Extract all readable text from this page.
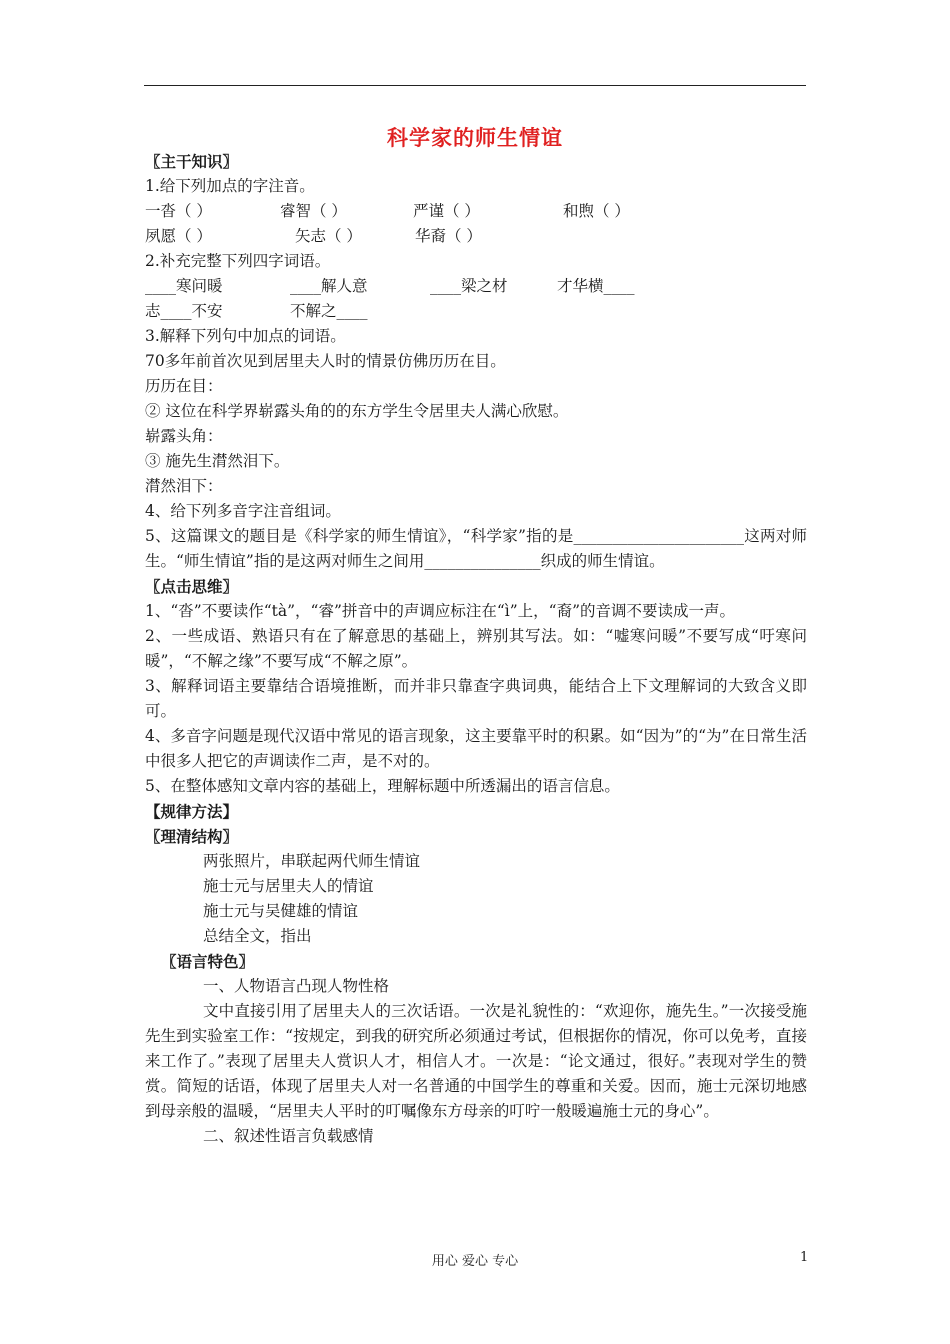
科学家的师生情谊
〖主干知识〗
1.给下列加点的字注音。
一沓（ ）	睿智（ ）	严谨（ ）	和煦（ ）
夙愿（ ）	矢志（ ）	华裔（ ）
2.补充完整下列四字词语。
____寒问暖	____解人意	____梁之材	才华横____
志____不安	不解之____
3.解释下列句中加点的词语。
70多年前首次见到居里夫人时的情景仿佛历历在目。
历历在目：
② 这位在科学界崭露头角的的东方学生令居里夫人满心欣慰。
崭露头角：
③ 施先生潸然泪下。
潸然泪下：
4、给下列多音字注音组词。
5、这篇课文的题目是《科学家的师生情谊》，“科学家”指的是______________________这两对师生。“师生情谊”指的是这两对师生之间用_______________织成的师生情谊。
〖点击思维〗
1、“沓”不要读作“tà”，“睿”拼音中的声调应标注在“ì”上，“裔”的音调不要读成一声。
2、一些成语、熟语只有在了解意思的基础上，辨别其写法。如：“嘘寒问暖”不要写成“吁寒问暖”，“不解之缘”不要写成“不解之原”。
3、解释词语主要靠结合语境推断，而并非只靠查字典词典，能结合上下文理解词的大致含义即可。
4、多音字问题是现代汉语中常见的语言现象，这主要靠平时的积累。如“因为”的“为”在日常生活中很多人把它的声调读作二声，是不对的。
5、在整体感知文章内容的基础上，理解标题中所透漏出的语言信息。
【规律方法】
〖理清结构〗
两张照片，串联起两代师生情谊
施士元与居里夫人的情谊
施士元与吴健雄的情谊
总结全文，指出
〖语言特色〗
一、人物语言凸现人物性格
文中直接引用了居里夫人的三次话语。一次是礼貌性的：“欢迎你，施先生。”一次接受施先生到实验室工作：“按规定，到我的研究所必须通过考试，但根据你的情况，你可以免考，直接来工作了。”表现了居里夫人赏识人才，相信人才。一次是：“论文通过，很好。”表现对学生的赞赏。简短的话语，体现了居里夫人对一名普通的中国学生的尊重和关爱。因而，施士元深切地感到母亲般的温暖，“居里夫人平时的叮嘱像东方母亲的叮咛一般暖遍施士元的身心”。
二、叙述性语言负载感情
用心 爱心 专心	1
